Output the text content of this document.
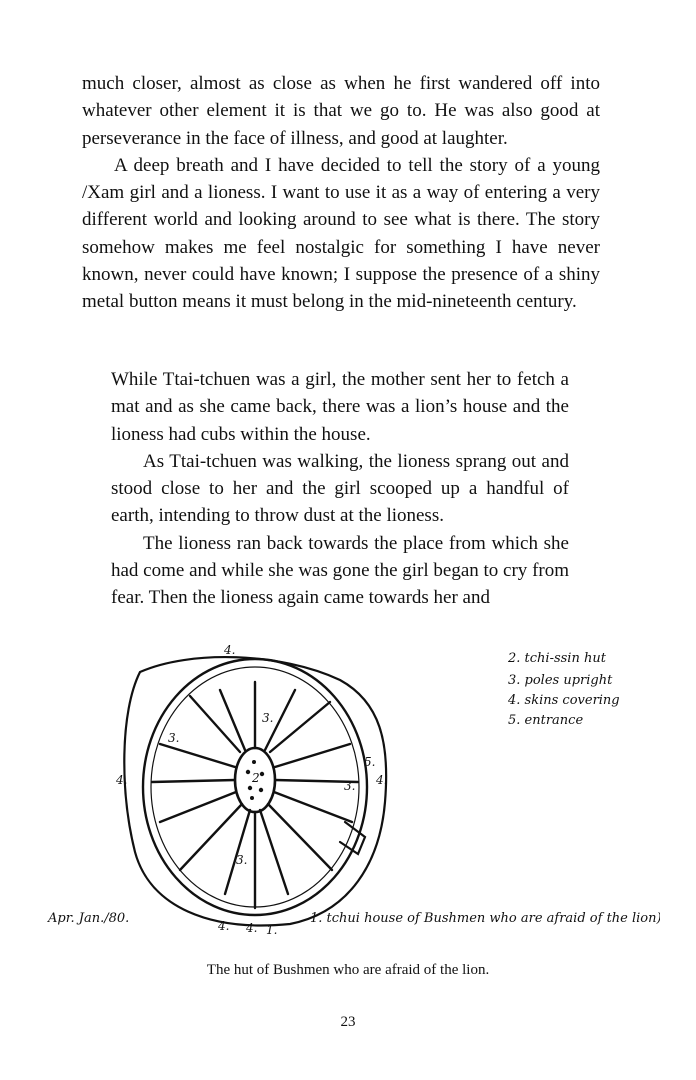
much closer, almost as close as when he first wandered off into whatever other element it is that we go to. He was also good at perseverance in the face of illness, and good at laughter.

A deep breath and I have decided to tell the story of a young /Xam girl and a lioness. I want to use it as a way of entering a very different world and looking around to see what is there. The story somehow makes me feel nostalgic for something I have never known, never could have known; I suppose the presence of a shiny metal button means it must belong in the mid-nineteenth century.

While Ttai-tchuen was a girl, the mother sent her to fetch a mat and as she came back, there was a lion’s house and the lioness had cubs within the house.

As Ttai-tchuen was walking, the lioness sprang out and stood close to her and the girl scooped up a handful of earth, intending to throw dust at the lioness.

The lioness ran back towards the place from which she had come and while she was gone the girl began to cry from fear. Then the lioness again came towards her and

4.
4.	4.
4.
3.
3.
3.
3.
5.
2
4. 1.
2. tchi-ssin hut
3. poles upright
4. skins covering
5. entrance
1. tchui house of Bushmen who are afraid of the lion)
Apr. Jan./80.
The hut of Bushmen who are afraid of the lion.
23
